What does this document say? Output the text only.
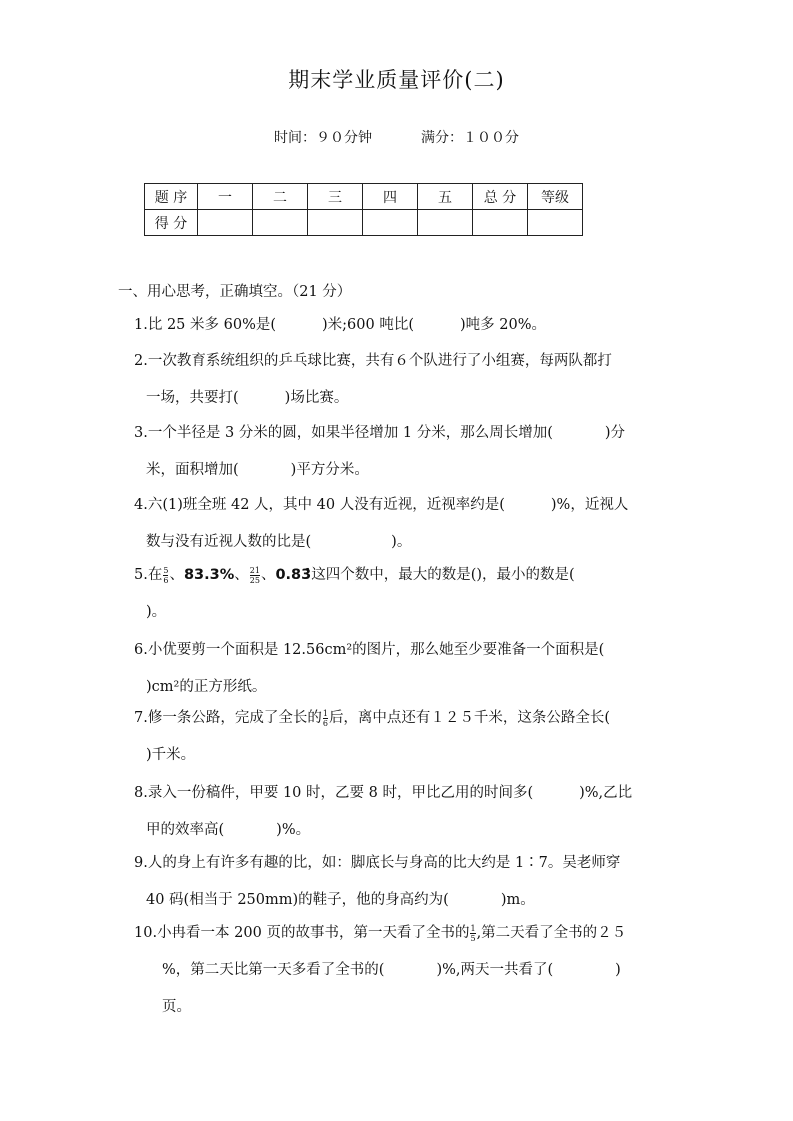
期末学业质量评价(二)
时间：９０分钟	满分：１００分
题 序	一	二	三	四	五	总 分	等级
得 分							
一、用心思考，正确填空。（21 分）
1.比 25 米多 60%是(	)米;600 吨比(	)吨多 20%。
2.一次教育系统组织的乒乓球比赛，共有６个队进行了小组赛，每两队都打
一场，共要打(	)场比赛。
3.一个半径是 3 分米的圆，如果半径增加 1 分米，那么周长增加(	)分
米，面积增加(	)平方分米。
4.六(1)班全班 42 人，其中 40 人没有近视，近视率约是(	)%，近视人
数与没有近视人数的比是(	)。
5.在 $\frac{5}{6}$ 、83.3%、 $\frac{21}{25}$ 、0.83̇这四个数中，最大的数是()，最小的数是(
)。
6.小优要剪一个面积是 12.56cm²的图片，那么她至少要准备一个面积是(
)cm²的正方形纸。
7.修一条公路，完成了全长的 $\frac{1}{6}$ 后，离中点还有１２５千米，这条公路全长(
)千米。
8.录入一份稿件，甲要 10 时，乙要 8 时，甲比乙用的时间多(	)%,乙比
甲的效率高(	)%。
9.人的身上有许多有趣的比，如：脚底长与身高的比大约是 1∶7。吴老师穿
40 码(相当于 250mm)的鞋子，他的身高约为(	)m。
10.小冉看一本 200 页的故事书，第一天看了全书的 $\frac{1}{5}$ ,第二天看了全书的２５
%，第二天比第一天多看了全书的(	)%,两天一共看了(	)
页。
